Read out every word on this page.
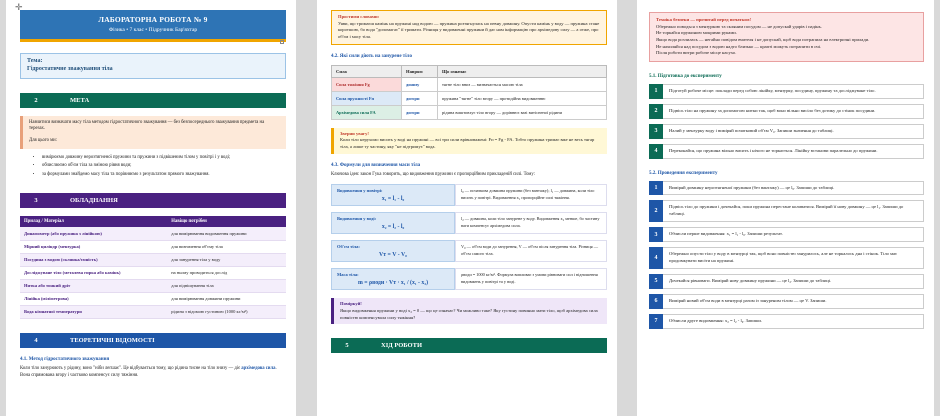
✛
ЛАБОРАТОРНА РОБОТА № 9
Фізика • 7 клас • Підручник Бар'яхтар
Тема:
Гідростатичне зважування тіла
2	МЕТА
Навчитися визначати масу тіла методом гідростатичного зважування — без безпосереднього зважування предмета на терезах.
Для цього ми:
• вимірюємо довжину нерозтягненої пружини та пружини з підвішеним тілом у повітрі і у воді;
• обчислюємо об'єм тіла за зміною рівня води;
• за формулами знайдемо масу тіла та порівняємо з результатом прямого зважування.
3	ОБЛАДНАННЯ
Прилад / Матеріал	Навіщо потрібен
Динамометр (або пружина з лінійкою)	для вимірювання видовження пружини
Мірний циліндр (мензурка)	для визначення об'єму тіла
Посудина з водою (склянка/ємність)	для занурення тіла у воду
Досліджуване тіло (металева гирка або камінь)	на ньому проводиться дослід
Нитка або тонкий дріт	для підвішування тіла
Лінійка (міліметрова)	для вимірювання довжини пружини
Вода кімнатної температури	рідина з відомою густиною (1000 кг/м³)
4	ТЕОРЕТИЧНІ ВІДОМОСТІ
4.1. Метод гідростатичного зважування
Коли тіло занурюють у рідину, воно "ніби легшає". Це відбувається тому, що рідина тисне на тіло знизу — діє архімедова сила. Вона спрямована вгору і частково компенсує силу тяжіння.
Простими словами:
Уяви, що тримаєш камінь на пружині над водою — пружина розтягнулась на певну довжину. Опусти камінь у воду — пружина стане коротшою, бо вода "допомагає" її тримати. Різниця у видовженні пружини й дає нам інформацію про архімедову силу — а отже, про об'єм і масу тіла.
4.2. Які сили діють на занурене тіло
Сила	Напрям	Що означає
Сила тяжіння Fg	донизу	тягне тіло вниз — визначається масою тіла
Сила пружності Fп	догори	пружина "тягне" тіло вгору — протидійна видовженню
Архімедова сила FA	догори	рідина виштовхує тіло вгору — дорівнює вазі витісненої рідини
Зверни увагу!
Коли тіло нерухомо висить у воді на пружині — всі три сили врівноважені: Fп = Fg - FA. Тобто пружина тримає вже не весь тягар тіла, а лише ту частину, яку "не підтримує" вода.
4.3. Формули для визначення маси тіла
Ключова ідея: закон Гука говорить, що видовження пружини є пропорційним прикладеній силі. Тому:
Видовження у повітрі:
x₁ = l₁ - l₀
l₀ — початкова довжина пружини (без вантажу); l₁ — довжина, коли тіло висить у повітрі. Видовження x₁ пропорційне силі тяжіння.
Видовження у воді:
x₂ = l₂ - l₀
l₂ — довжина, коли тіло занурене у воду. Видовження x₂ менше, бо частину ваги компенсує архімедова сила.
Об'єм тіла:
Vт = V - V₀
V₀ — об'єм води до занурення, V — об'єм після занурення тіла. Різниця — об'єм самого тіла.
Маса тіла:
m = ρводи · Vт · x₁ / (x₁ - x₂)
ρводи = 1000 кг/м³. Формула випливає з умови рівноваги сил і відношення видовжень у повітрі та у воді.
Поміркуй!
Якщо видовження пружини у воді x₂ = 0 — що це означає? Чи можливо таке? Яку густину повинно мати тіло, щоб архімедова сила повністю компенсувала силу тяжіння?
5	ХІД РОБОТИ
Техніка безпеки — прочитай перед початком!
Обережно поводься з мензуркою та скляним посудом — не допускай ударів і падінь.
Не торкайся пружиною мокрими руками.
Якщо вода розлилась — негайно повідом вчителя і не допускай, щоб вода потрапила на електричні прилади.
Не нахиляйся над посудом з водою надто близько — крапті можуть потрапити в очі.
Після роботи витри робоче місце насухо.
5.1. Підготовка до експерименту
1	Підготуй робоче місце: поклади перед собою лінійку, мензурку, посудину, пружину та досліджуване тіло.
2	Підвісь тіло на пружину за допомогою нитки так, щоб воно вільно висіло без дотику до стінок посудини.
3	Налий у мензурку воду і виміряй початковий об'єм V₀. Запиши значення до таблиці.
4	Переконайся, що пружина вільно висить і нічого не торкається. Лінійку встанови паралельно до пружини.
5.2. Проведення експерименту
1	Виміряй довжину нерозтягненої пружини (без вантажу) — це l₀. Запиши до таблиці.
2
Підвісь тіло до пружини і дочекайся, поки пружина перестане коливатися. Виміряй її нову довжину — це l₁. Запиши до таблиці.
3	Обчисли перше видовження: x₁ = l₁ - l₀. Запиши результат.
4
Обережно опусти тіло у воду в мензурці так, щоб воно повністю занурилось, але не торкалось дна і стінок. Тіло має продовжувати висіти на пружині.
5	Дочекайся рівноваги. Виміряй нову довжину пружини — це l₂. Запиши до таблиці.
6	Виміряй новий об'єм води в мензурці разом із зануреним тілом — це V. Запиши.
7	Обчисли друге видовження: x₂ = l₂ - l₀. Запиши.
